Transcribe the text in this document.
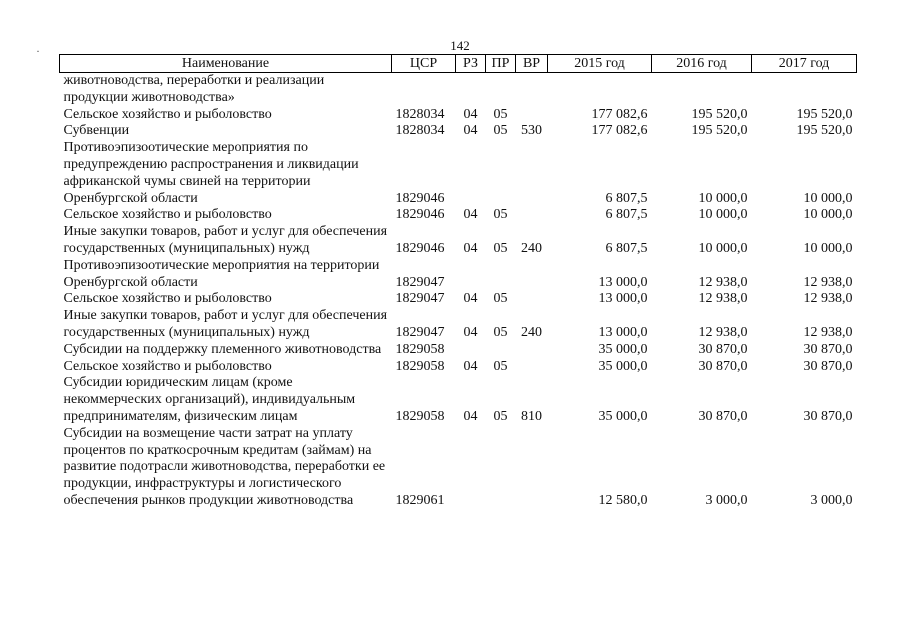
·	142
Наименование	ЦСР	РЗ	ПР	ВР	2015 год	2016 год	2017 год
животноводства, переработки и реализации продукции животноводства»							
Сельское хозяйство и рыболовство	1828034	04	05		177 082,6	195 520,0	195 520,0
Субвенции	1828034	04	05	530	177 082,6	195 520,0	195 520,0
Противоэпизоотические мероприятия по предупреждению распространения и ликвидации африканской чумы свиней на территории Оренбургской области	1829046				6 807,5	10 000,0	10 000,0
Сельское хозяйство и рыболовство	1829046	04	05		6 807,5	10 000,0	10 000,0
Иные закупки товаров, работ и услуг для обеспечения государственных (муниципальных) нужд	1829046	04	05	240	6 807,5	10 000,0	10 000,0
Противоэпизоотические мероприятия на территории Оренбургской области	1829047				13 000,0	12 938,0	12 938,0
Сельское хозяйство и рыболовство	1829047	04	05		13 000,0	12 938,0	12 938,0
Иные закупки товаров, работ и услуг для обеспечения государственных (муниципальных) нужд	1829047	04	05	240	13 000,0	12 938,0	12 938,0
Субсидии на поддержку племенного животноводства	1829058				35 000,0	30 870,0	30 870,0
Сельское хозяйство и рыболовство	1829058	04	05		35 000,0	30 870,0	30 870,0
Субсидии юридическим лицам (кроме некоммерческих организаций), индивидуальным предпринимателям, физическим лицам	1829058	04	05	810	35 000,0	30 870,0	30 870,0
Субсидии на возмещение части затрат на уплату процентов по краткосрочным кредитам (займам) на развитие подотрасли животноводства, переработки ее продукции, инфраструктуры и логистического обеспечения рынков продукции животноводства	1829061				12 580,0	3 000,0	3 000,0
